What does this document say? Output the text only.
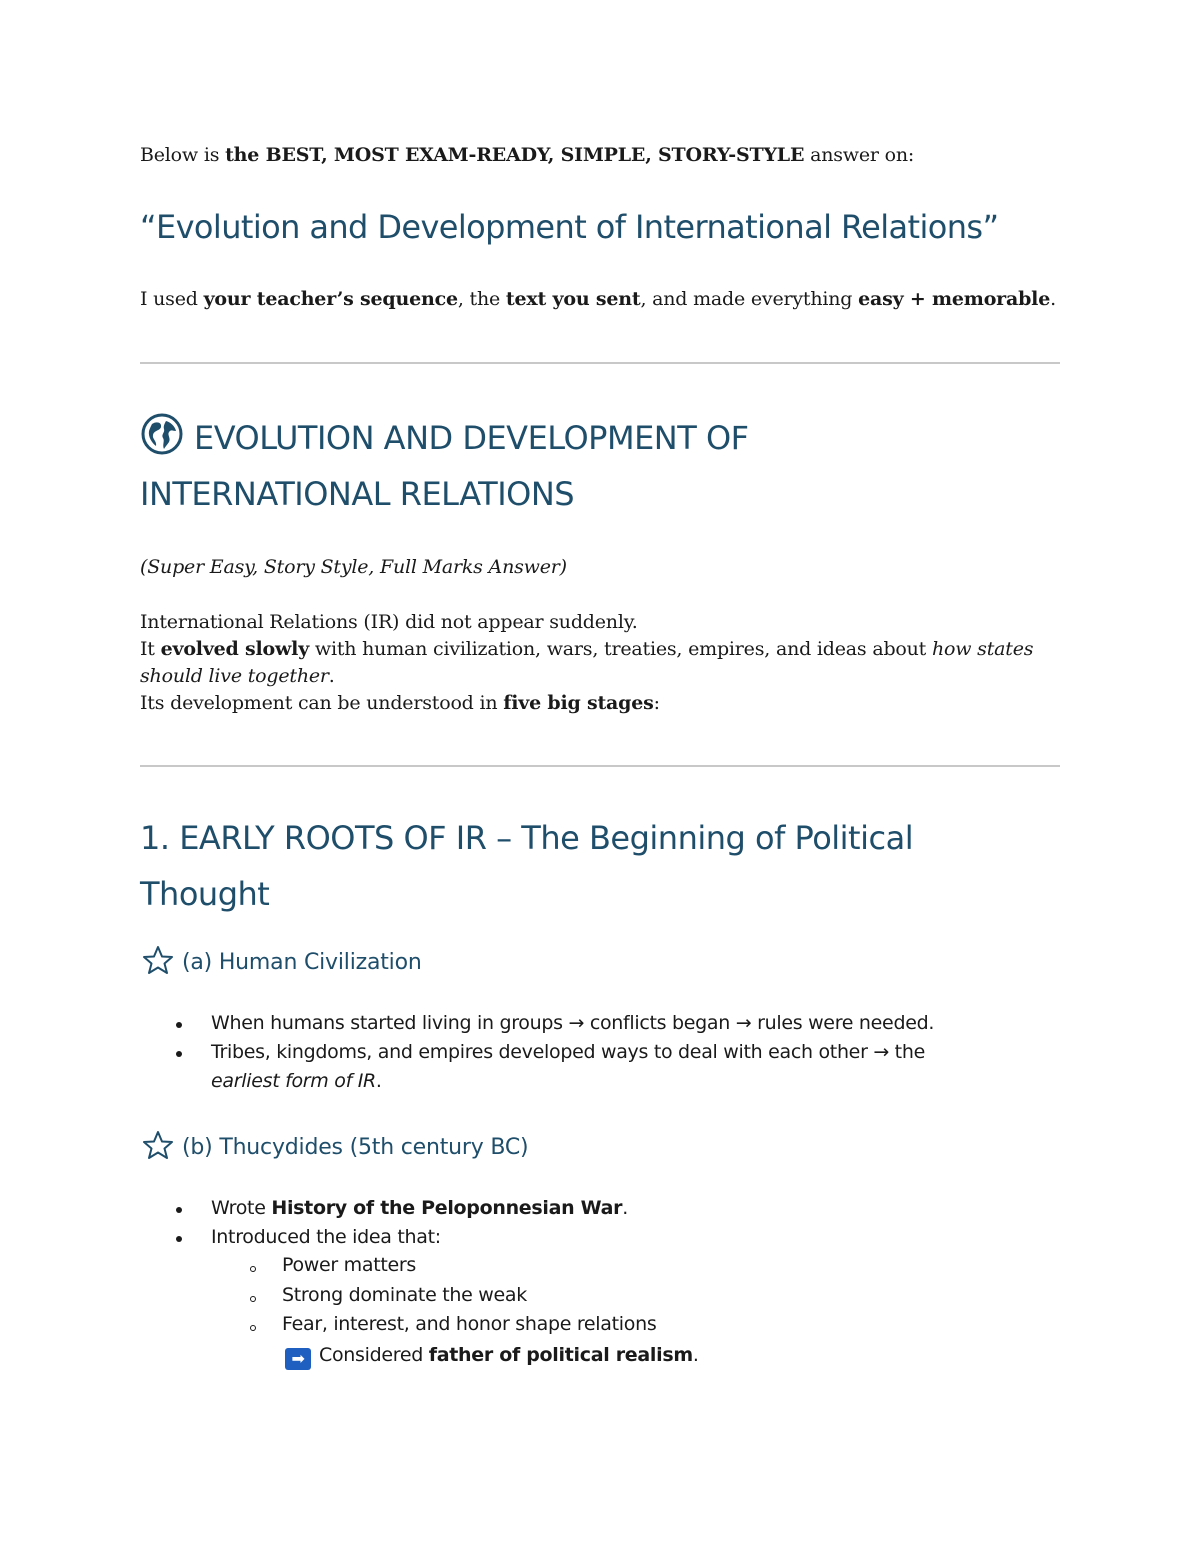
Below is the BEST, MOST EXAM-READY, SIMPLE, STORY-STYLE answer on:
“Evolution and Development of International Relations”
I used your teacher’s sequence, the text you sent, and made everything easy + memorable.
EVOLUTION AND DEVELOPMENT OF
INTERNATIONAL RELATIONS
(Super Easy, Story Style, Full Marks Answer)
International Relations (IR) did not appear suddenly.
It evolved slowly with human civilization, wars, treaties, empires, and ideas about how states
should live together.
Its development can be understood in five big stages:
1. EARLY ROOTS OF IR – The Beginning of Political
Thought
(a) Human Civilization
When humans started living in groups → conflicts began → rules were needed.
Tribes, kingdoms, and empires developed ways to deal with each other → the
earliest form of IR.
(b) Thucydides (5th century BC)
Wrote History of the Peloponnesian War.
Introduced the idea that:
Power matters
Strong dominate the weak
Fear, interest, and honor shape relations
➡ Considered father of political realism.
